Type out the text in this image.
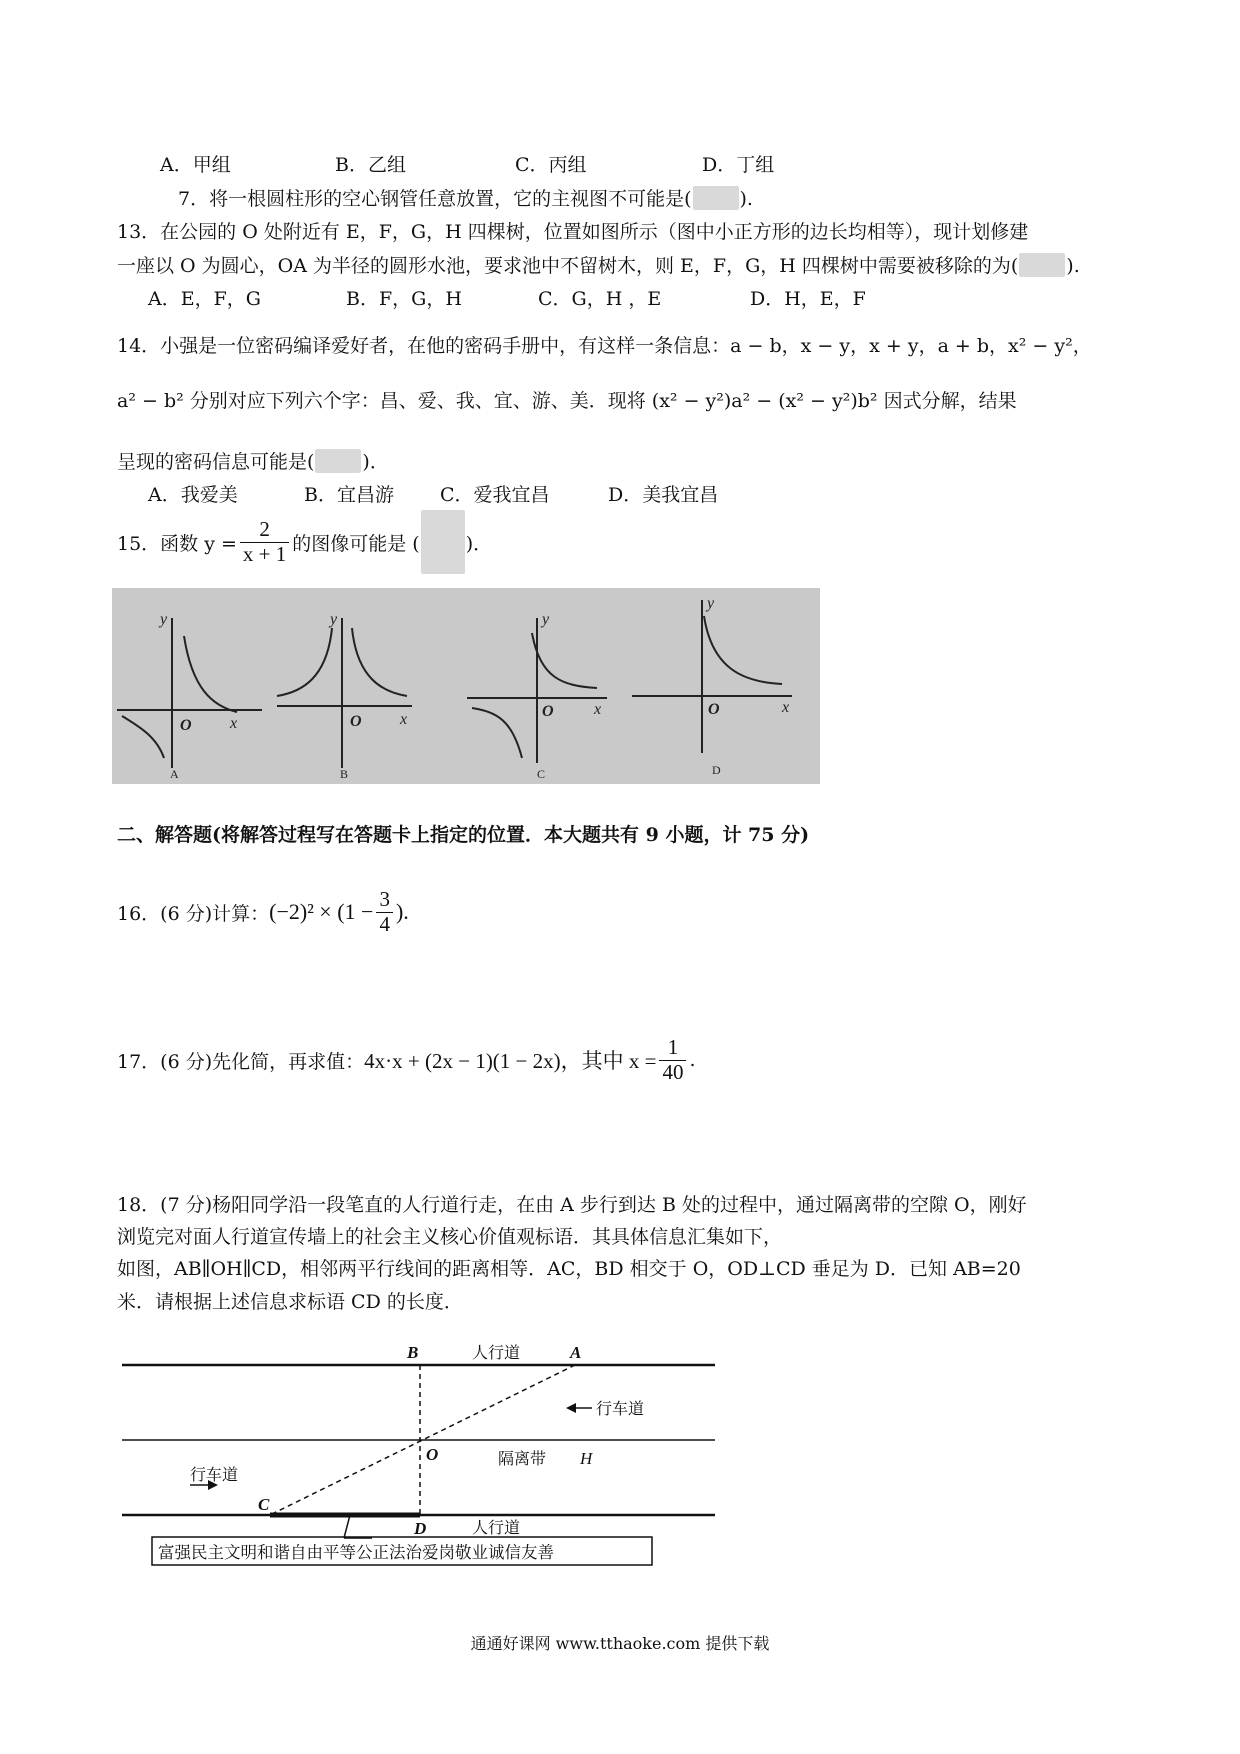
A．甲组	B．乙组	C．丙组	D．丁组
7．将一根圆柱形的空心钢管任意放置，它的主视图不可能是(	).
13．在公园的 O 处附近有 E，F，G，H 四棵树，位置如图所示（图中小正方形的边长均相等），现计划修建
一座以 O 为圆心，OA 为半径的圆形水池，要求池中不留树木，则 E，F，G，H 四棵树中需要被移除的为(	).
A．E，F，G	B．F，G，H	C．G，H ，E	D．H，E，F
14．小强是一位密码编译爱好者，在他的密码手册中，有这样一条信息：a − b，x − y，x + y，a + b，x² − y²，
a² − b² 分别对应下列六个字：昌、爱、我、宜、游、美．现将 (x² − y²)a² − (x² − y²)b² 因式分解，结果
呈现的密码信息可能是(	)．
A．我爱美	B．宜昌游 C．爱我宜昌	D．美我宜昌
15．函数 $y = \frac{2}{x + 1}$ 的图像可能是 ( )．
y
x
O
A
y
x
O
B
y
x
O
C
y
x
O
D
二、解答题(将解答过程写在答题卡上指定的位置．本大题共有 9 小题，计 75 分)
16．(6 分)计算： $(-2)^2 \times (1 - \frac{3}{4}$ ).
17．(6 分)先化简，再求值： 4x·x + (2x − 1)(1 − 2x)，其中 $x = \frac{1}{40}$ .
18．(7 分)杨阳同学沿一段笔直的人行道行走，在由 A 步行到达 B 处的过程中，通过隔离带的空隙 O，刚好
浏览完对面人行道宣传墙上的社会主义核心价值观标语．其具体信息汇集如下，
如图，AB∥OH∥CD，相邻两平行线间的距离相等．AC，BD 相交于 O，OD⊥CD 垂足为 D．已知 AB=20
米．请根据上述信息求标语 CD 的长度．
B	A
O	H
C
D
人行道
行车道
隔离带
行车道
人行道
富强民主文明和谐自由平等公正法治爱岗敬业诚信友善
通通好课网 www.tthaoke.com 提供下载
